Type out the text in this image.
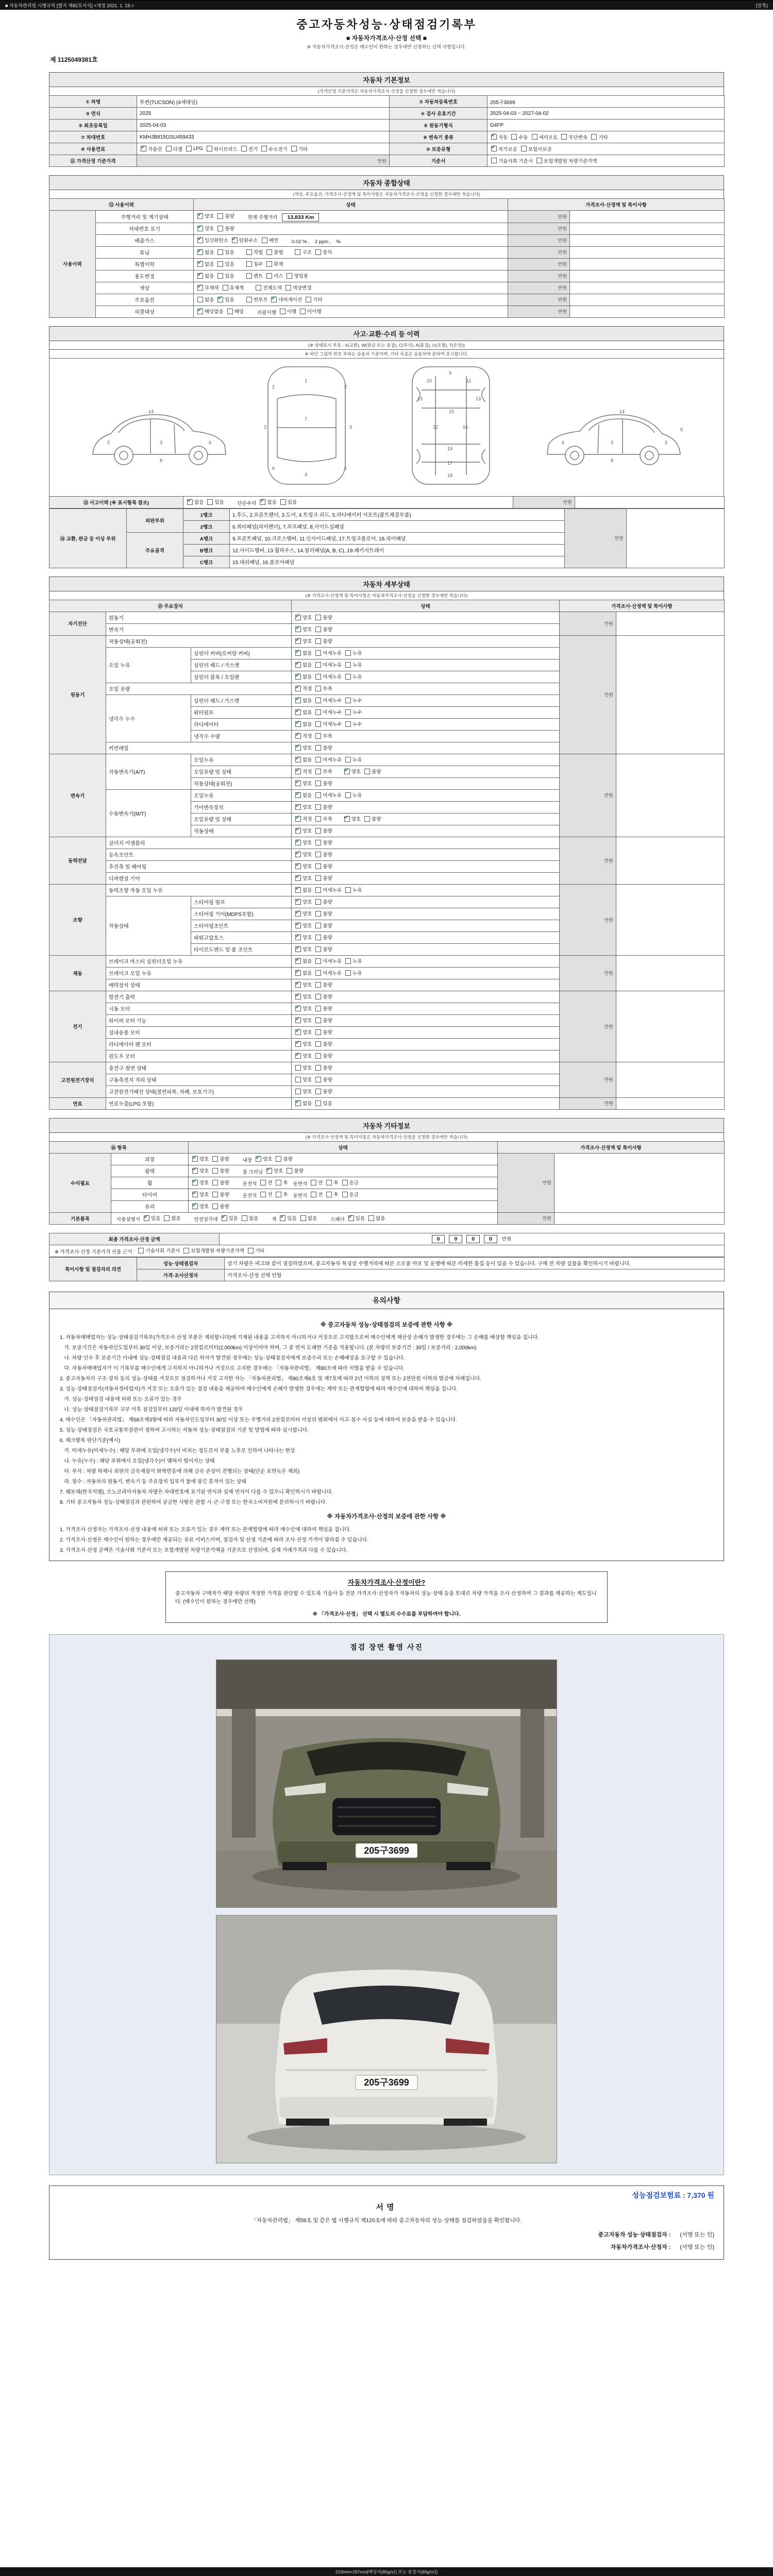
■ 자동차관리법 시행규칙 [별지 제82호서식] <개정 2021. 1. 19.>	(앞쪽)
중고자동차성능·상태점검기록부
■ 자동차가격조사·산정 선택 ■
※ 자동차가격조사·산정은 매수인이 원하는 경우에만 신청하는 선택 사항입니다.
제 1125049381호
자동차 기본정보
(가격산정 기준가격은 자동차가격조사·산정을 신청한 경우에만 적습니다)
① 차명	투싼(TUCSON) (4세대임)	② 자동차등록번호	205구3699
③ 연식	2025	④ 검사 유효기간	2025-04-03 ~ 2027-04-02
⑤ 최초등록일	2025-04-03	⑥ 원동기형식	G4FP
⑦ 차대번호	KMHJB815GSU459433	⑧ 변속기 종류	
✔자동 수동 세미오토 무단변속 기타

⑨ 사용연료	
✔가솔린 디젤 LPG 하이브리드 전기 수소전기 기타	⑩ 보증유형	
✔자가보증 보험사보증

⑪ 가격산정 기준가격	만원	기준서	기술사회 기준서 보험개발원 차량기준가액
자동차 종합상태
(색상, 주요옵션, 가격조사·산정액 및 특이사항은 자동차가격조사·산정을 신청한 경우에만 적습니다)
⑫ 사용이력		상태	가격조사·산정액 및 특이사항	
사용이력	주행거리 및 계기상태	
✔양호 불량 현재 주행거리 13,833 Km	만원	
	차대번호 표기	
✔양호 불량	만원	
	배출가스	
✔일산화탄소 ✔ 탄화수소 매연 0.02 % , 2 ppm , %	만원	
튜닝	
✔없음 있음	적법 불법	구조 장치	만원	
	특별이력	
✔없음 있음 침수 화재	만원	
	용도변경	
✔없음 있음 렌트 리스 영업용	만원	
	색상	
✔무채색 유채색 전체도색 색상변경	만원	
	주요옵션	없음 ✔ 있음 썬루프 ✔ 네비게이션 기타	만원	
	리콜대상	
✔해당없음 해당 리콜이행 이행 미이행	만원	
사고·교환·수리 등 이력
(※ 상태표시 부호 : X(교환), W(판금 또는 용접), C(부식), A(흠집), U(요철), T(손상))
※ 하단 그림의 번호 부위는 승용차 기준이며, 기타 차종은 승용차에 준하여 표시합니다.
2	3	6
14
8
1
2	2
7
3	3
6	6
4
9
10	11
13	13
15
12	16
19
17
18
2
3
6
14
8
5
⑬ 사고이력 (※ 표시항목 참조)	
✔없음 있음	단순수리 ✔ 없음 있음	만원	
⑭ 교환, 판금 등 이상 부위	외판부위	1랭크	1.후드, 2.프론트펜더, 3.도어, 4.트렁크 리드, 5.라디에이터 서포트(볼트체결부품)	만원	
		2랭크	6.쿼터패널(리어펜더), 7.루프패널, 8.사이드실패널		
	주요골격	A랭크	9.프론트패널, 10.크로스멤버, 11.인사이드패널, 17.트렁크플로어, 18.리어패널		
		B랭크	12.사이드멤버, 13.휠하우스, 14.필러패널(A, B, C), 19.패키지트레이		
		C랭크	15.대쉬패널, 16.플로어패널		
자동차 세부상태
(※ 가격조사·산정액 및 특이사항은 자동차가격조사·산정을 신청한 경우에만 적습니다)
⑮ 주요장치			상태	가격조사·산정액 및 특이사항	
자기진단	원동기	
✔양호 불량	만원	
	변속기	
✔양호 불량

원동기	작동상태(공회전)	
✔양호 불량	만원	
	오일 누유	실린더 커버(로커암 커버)	
✔없음 미세누유 누유

		실린더 헤드 / 가스켓	
✔없음 미세누유 누유

		실린더 블록 / 오일팬	
✔없음 미세누유 누유

	오일 유량	
✔적정 부족

	냉각수 누수	실린더 헤드 / 가스켓	
✔없음 미세누수 누수

		워터펌프	
✔없음 미세누수 누수

		라디에이터	
✔없음 미세누수 누수

		냉각수 수량	
✔적정 부족

	커먼레일	
✔양호 불량

변속기	자동변속기(A/T)	오일누유	
✔없음 미세누유 누유	만원	
		오일유량 및 상태	
✔적정 부족 ✔ 양호 불량

		작동상태(공회전)	
✔양호 불량

	수동변속기(M/T)	오일누유	
✔없음 미세누유 누유

		기어변속장치	
✔양호 불량

		오일유량 및 상태	
✔적정 부족 ✔ 양호 불량

		작동상태	
✔양호 불량

동력전달	클러치 어셈블리	
✔양호 불량	만원	
	등속조인트	
✔양호 불량

	추진축 및 베어링	
✔양호 불량

	디퍼렌셜 기어	
✔양호 불량

조향	동력조향 작동 오일 누유	
✔없음 미세누유 누유	만원	
	작동상태	스티어링 펌프	
✔양호 불량

		스티어링 기어(MDPS포함)	
✔양호 불량

		스티어링조인트	
✔양호 불량

		파워고압호스	
✔양호 불량

		타이로드엔드 및 볼 조인트	
✔양호 불량

제동	브레이크 마스터 실린더오일 누유	
✔없음 미세누유 누유	만원	
	브레이크 오일 누유	
✔없음 미세누유 누유

	배력장치 상태	
✔양호 불량

전기	발전기 출력	
✔양호 불량	만원	
	시동 모터	
✔양호 불량

	와이퍼 모터 기능	
✔양호 불량

	실내송풍 모터	
✔양호 불량

	라디에이터 팬 모터	
✔양호 불량

	윈도우 모터	
✔양호 불량

고전원전기장치	충전구 절연 상태		양호 불량	만원	
	구동축전지 격리 상태		양호 불량		

	고전원전기배선 상태(절연피복, 차폐, 보호기구)		양호 불량		

연료	연료누출(LPG 포함)	
✔없음 있음	만원	
자동차 기타정보
(※ 가격조사·산정액 및 특이사항은 자동차가격조사·산정을 신청한 경우에만 적습니다)
⑯ 항목		상태	가격조사·산정액 및 특이사항	
수리필요	외장	
✔양호 불량 내장 ✔ 양호 불량	만원	
	광택	
✔양호 불량 룸 크리닝 ✔ 양호 불량

휠	
✔양호 불량	운전석 전 후 동반석 전 후 응급

타이어	
✔양호 불량	운전석 전 후 동반석 전 후 응급

	유리	
✔양호 불량

기본품목	사용설명서 ✔ 있음 없음	안전삼각대 ✔ 있음 없음	잭 ✔ 있음 없음	스패너 ✔ 있음 없음	만원	
최종 가격조사·산정 금액	0	0	0	0 만원
※ 가격조사·산정 기준가격 산출 근거 : 기술사회 기준서 보험개발원 차량기준가액 기타
특이사항 및 점검자의 의견	성능·상태점검자	상기 차량은 비고와 같이 점검하였으며, 중고자동차 특성상 주행거리에 따른 소모품 마모 및 운행에 따른 미세한 흠집 등이 있을 수 있습니다. 구매 전 차량 실물을 확인하시기 바랍니다.
	가격·조사산정자	가격조사·산정 선택 안함
유의사항
※ 중고자동차 성능·상태점검의 보증에 관한 사항 ※

1. 자동차매매업자는 성능·상태점검기록부(가격조사·산정 부분은 제외합니다)에 기재된 내용을 고지하지 아니하거나 거짓으로 고지함으로써 매수인에게 재산상 손해가 발생한 경우에는 그 손해를 배상할 책임을 집니다.

가. 보증기간은 자동차인도일부터 30일 이상, 보증거리는 2천킬로미터(2,000km) 이상이어야 하며, 그 중 먼저 도래한 기준을 적용합니다. (본 차량의 보증기간 : 30일 / 보증거리 : 2,000km)

나. 차량 인수 후 보증기간 이내에 성능·상태점검 내용과 다른 하자가 발견된 경우에는 성능·상태점검자에게 보증수리 또는 손해배상을 요구할 수 있습니다.

다. 자동차매매업자가 이 기록부를 매수인에게 고지하지 아니하거나 거짓으로 고지한 경우에는 「자동차관리법」 제80조에 따라 처벌을 받을 수 있습니다.

2. 중고자동차의 구조·장치 등의 성능·상태를 거짓으로 점검하거나 거짓 고지한 자는 「자동차관리법」 제80조제6호 및 제7호에 따라 2년 이하의 징역 또는 2천만원 이하의 벌금에 처해집니다.

3. 성능·상태점검자(자동차정비업자)가 거짓 또는 오류가 있는 점검 내용을 제공하여 매수인에게 손해가 발생한 경우에는 계약 또는 관계법령에 따라 매수인에 대하여 책임을 집니다.

가. 성능·상태점검 내용에 허위 또는 오류가 있는 경우

나. 성능·상태점검기록부 교부 이후 점검일부터 120일 이내에 하자가 발견된 경우

4. 매수인은 「자동차관리법」 제58조제3항에 따라 자동차인도일부터 30일 이상 또는 주행거리 2천킬로미터 이상의 범위에서 사고·침수 사실 등에 대하여 보증을 받을 수 있습니다.

5. 성능·상태점검은 국토교통부장관이 정하여 고시하는 자동차 성능·상태점검의 기준 및 방법에 따라 실시합니다.

6. 체크항목 판단기준(예시)

가. 미세누유(미세누수) : 해당 부위에 오일(냉각수)이 비치는 정도로서 부품 노후로 인하여 나타나는 현상

나. 누유(누수) : 해당 부위에서 오일(냉각수)이 맺혀서 떨어지는 상태

다. 부식 : 차량 하체나 외판의 금속재질이 화학반응에 의해 금속 손상이 진행되는 상태(단순 표면녹은 제외)

라. 침수 : 자동차의 원동기, 변속기 등 주요장치 일부가 물에 잠긴 흔적이 있는 상태

7. 쉐보레(한국지엠), 르노코리아자동차 차량은 차대번호에 표기된 연식과 실제 연식이 다를 수 있으니 확인하시기 바랍니다.

8. 기타 중고자동차 성능·상태점검과 관련하여 궁금한 사항은 관할 시·군·구청 또는 한국소비자원에 문의하시기 바랍니다.

※ 자동차가격조사·산정의 보증에 관한 사항 ※

1. 가격조사·산정자는 가격조사·산정 내용에 허위 또는 오류가 있는 경우 계약 또는 관계법령에 따라 매수인에 대하여 책임을 집니다.

2. 가격조사·산정은 매수인이 원하는 경우에만 제공되는 유료 서비스이며, 점검자 및 산정 기준에 따라 조사·산정 가격이 달라질 수 있습니다.

3. 가격조사·산정 금액은 기술사회 기준서 또는 보험개발원 차량기준가액을 기준으로 산정되며, 실제 거래가격과 다를 수 있습니다.

자동차가격조사·산정이란?
중고자동차 구매자가 해당 차량의 적정한 가격을 판단할 수 있도록 기술사 등 전문 가격조사·산정자가 자동차의 성능·상태 등을 토대로 차량 가격을 조사·산정하여 그 결과를 제공하는 제도입니다. (매수인이 원하는 경우에만 선택)
※ 「가격조사·산정」 선택 시 별도의 수수료를 부담하여야 합니다.
점검 장면 촬영 사진
205구3699
205구3699
성능점검보험료 : 7,370 원
서명
「자동차관리법」 제58조 및 같은 법 시행규칙 제120조에 따라 중고자동차의 성능·상태를 점검하였음을 확인합니다.
중고자동차 성능·상태점검자 : (서명 또는 인)
자동차가격조사·산정자 : (서명 또는 인)
210mm×297mm[백상지(80g/㎡) 또는 중질지(80g/㎡)]
